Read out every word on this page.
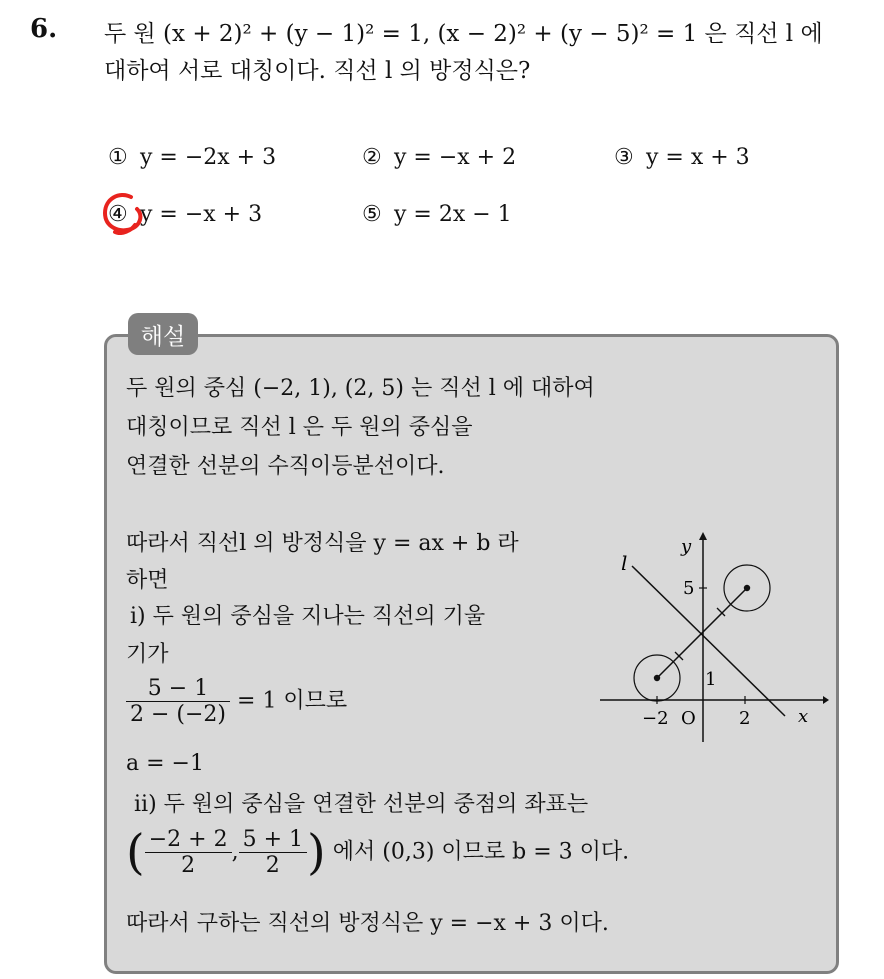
6. 두 원 (x + 2)² + (y − 1)² = 1, (x − 2)² + (y − 5)² = 1 은 직선 l 에
대하여 서로 대칭이다. 직선 l 의 방정식은?
① y = −2x + 3	② y = −x + 2	③ y = x + 3
④ y = −x + 3	⑤ y = 2x − 1
해설
두 원의 중심 (−2, 1), (2, 5) 는 직선 l 에 대하여
대칭이므로 직선 l 은 두 원의 중심을
연결한 선분의 수직이등분선이다.
따라서 직선l 의 방정식을 y = ax + b 라
하면
ⅰ) 두 원의 중심을 지나는 직선의 기울
기가
$\frac{5 - 1}{2 - (-2)} = 1$ 이므로
a = −1
ⅱ) 두 원의 중심을 연결한 선분의 중점의 좌표는
( $\frac{-2 + 2}{2}$ , $\frac{5 + 1}{2}$ ) 에서 (0,3) 이므로 b = 3 이다.
따라서 구하는 직선의 방정식은 y = −x + 3 이다.
l
y
x
5
1
−2 O 2
